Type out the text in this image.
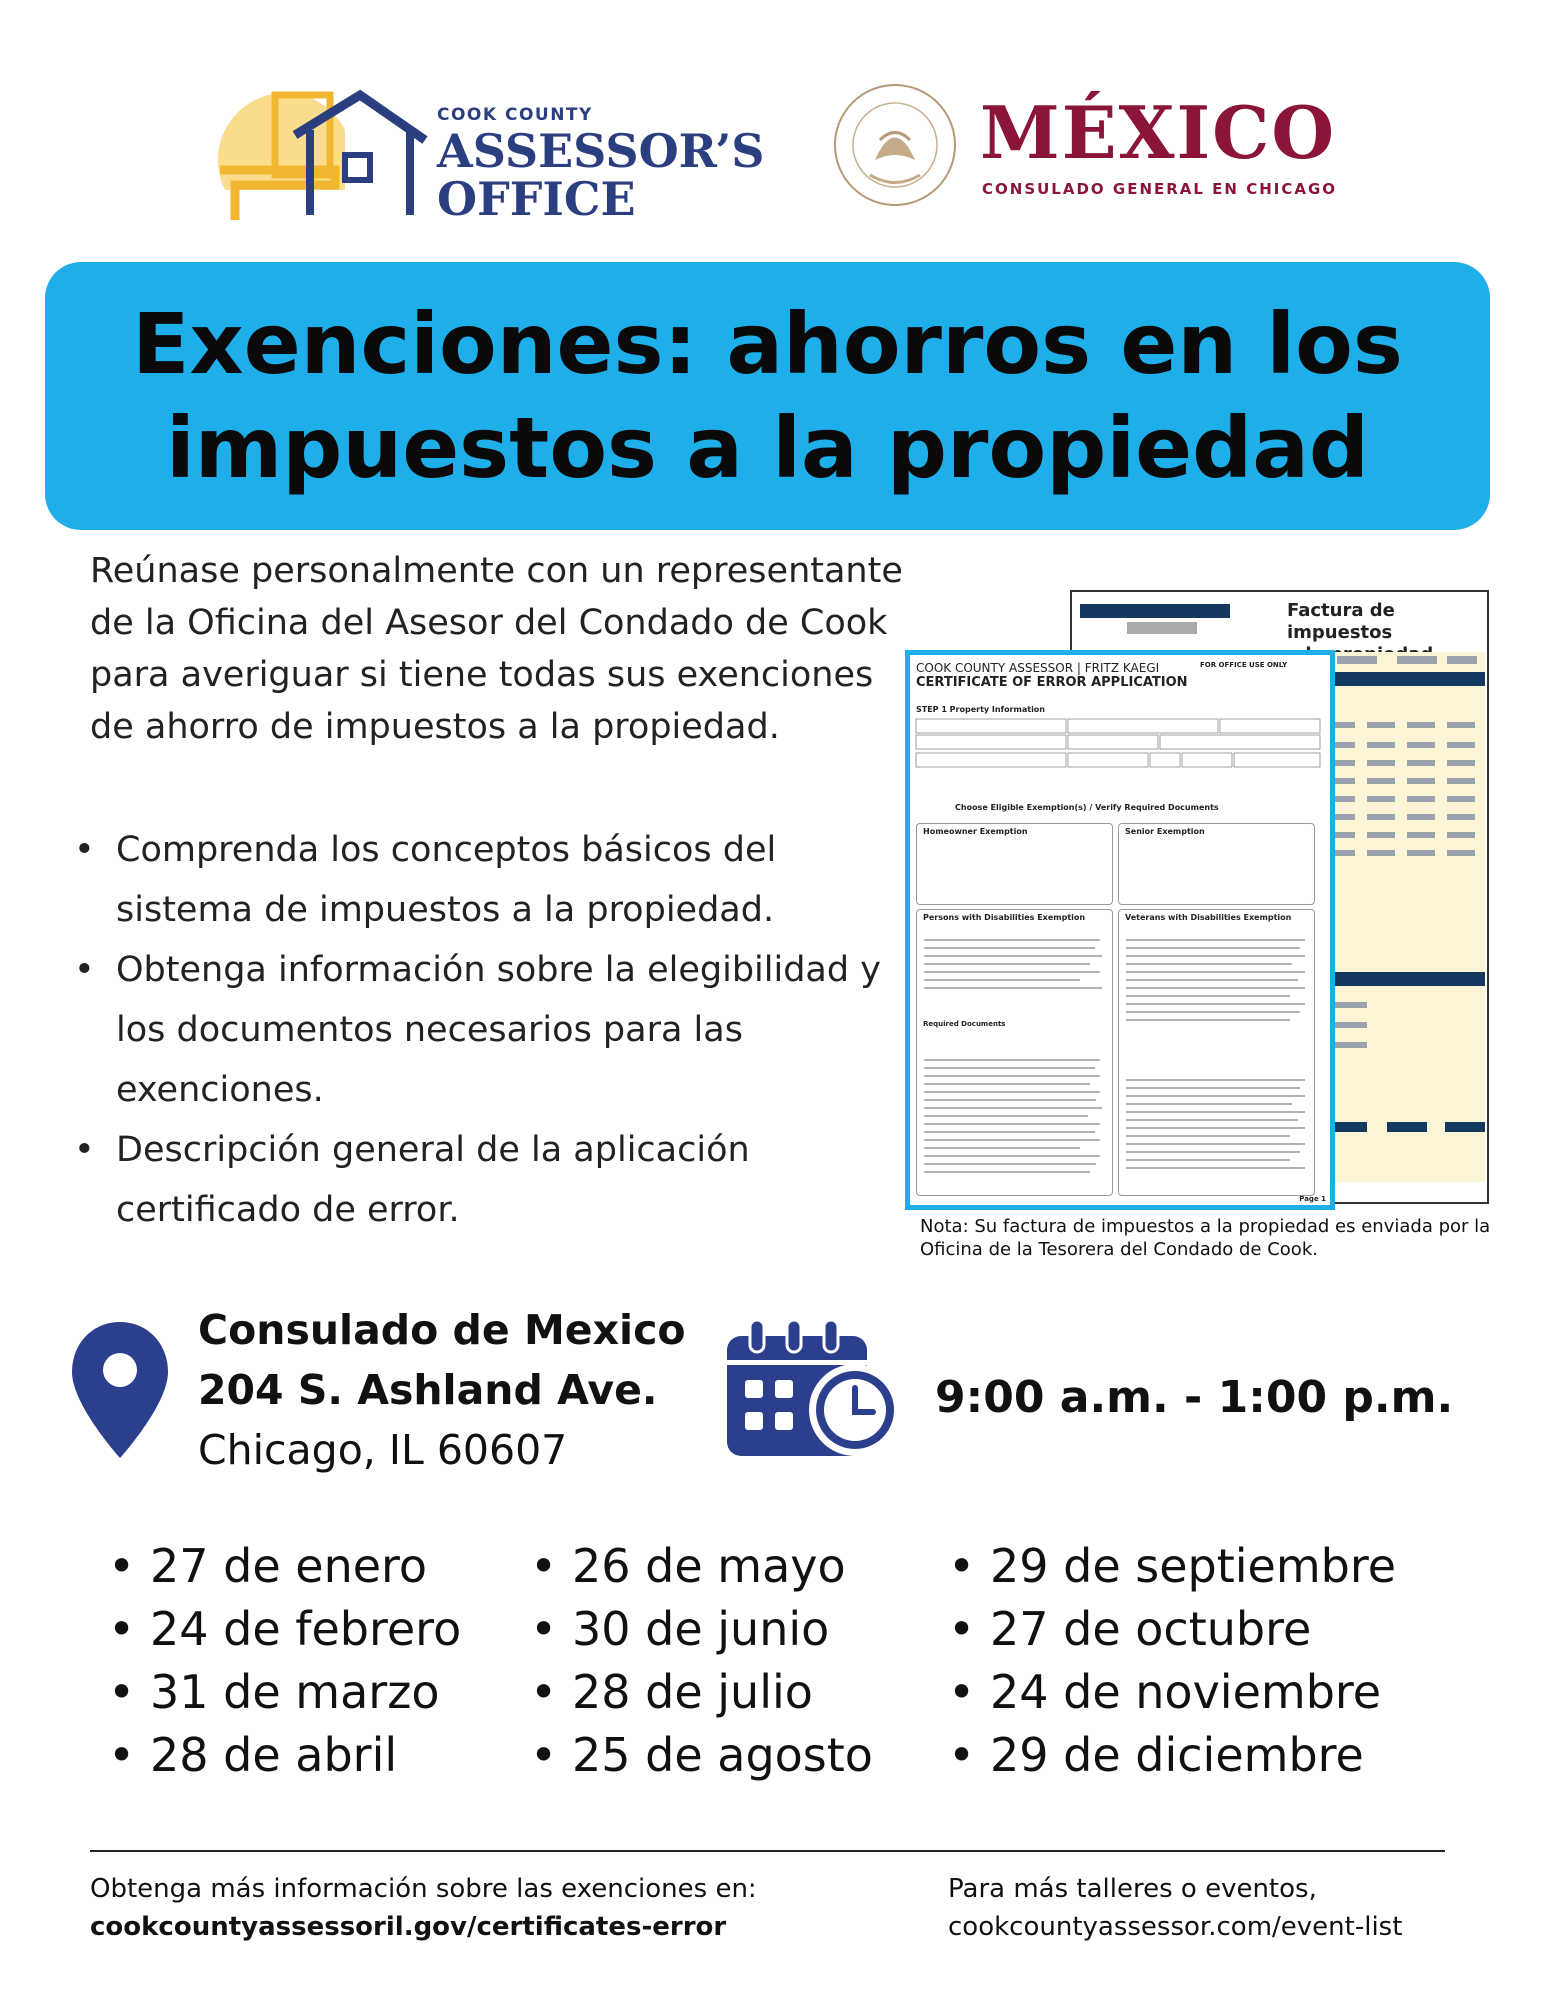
COOK COUNTY
ASSESSOR’S
OFFICE
MÉXICO
CONSULADO GENERAL EN CHICAGO
Exenciones: ahorros en los
impuestos a la propiedad
Reúnase personalmente con un representante de la Oficina del Asesor del Condado de Cook para averiguar si tiene todas sus exenciones de ahorro de impuestos a la propiedad.
• Comprenda los conceptos básicos del sistema de impuestos a la propiedad.
• Obtenga información sobre la elegibilidad y los documentos necesarios para las exenciones.
• Descripción general de la aplicación certificado de error.
Factura de impuestos
COOK COUNTY ASSESSOR | FRITZ KAEGI
CERTIFICATE OF ERROR APPLICATION
FOR OFFICE USE ONLY
STEP 1 Property Information
Choose Eligible Exemption(s) / Verify Required Documents
Homeowner Exemption	Senior Exemption
Persons with Disabilities Exemption
Required Documents
Veterans with Disabilities Exemption
Page 1
Nota: Su factura de impuestos a la propiedad es enviada por la Oficina de la Tesorera del Condado de Cook.
Consulado de Mexico
204 S. Ashland Ave.
Chicago, IL 60607
9:00 a.m. - 1:00 p.m.
• 27 de enero
• 24 de febrero
• 31 de marzo
• 28 de abril
• 26 de mayo
• 30 de junio
• 28 de julio
• 25 de agosto
• 29 de septiembre
• 27 de octubre
• 24 de noviembre
• 29 de diciembre
Obtenga más información sobre las exenciones en:
cookcountyassessoril.gov/certificates-error
Para más talleres o eventos,
cookcountyassessor.com/event-list
